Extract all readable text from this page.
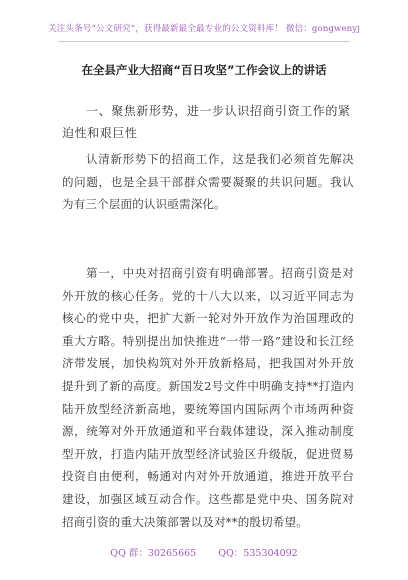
关注头条号“公文研究”，获得最新最全最专业的公文资料库！ 微信：gongwenyj
在全县产业大招商“百日攻坚”工作会议上的讲话
一、聚焦新形势，进一步认识招商引资工作的紧迫性和艰巨性
认清新形势下的招商工作，这是我们必须首先解决的问题，也是全县干部群众需要凝聚的共识问题。我认为有三个层面的认识亟需深化。
第一，中央对招商引资有明确部署。招商引资是对外开放的核心任务。党的十八大以来，以习近平同志为核心的党中央，把扩大新一轮对外开放作为治国理政的重大方略。特别提出加快推进“一带一路”建设和长江经济带发展，加快构筑对外开放新格局，把我国对外开放提升到了新的高度。新国发2号文件中明确支持**打造内陆开放型经济新高地，要统筹国内国际两个市场两种资源，统筹对外开放通道和平台载体建设，深入推动制度型开放，打造内陆开放型经济试验区升级版，促进贸易投资自由便利，畅通对内对外开放通道，推进开放平台建设，加强区域互动合作。这些都是党中央、国务院对招商引资的重大决策部署以及对**的殷切希望。
QQ 群：30265665 QQ：535304092
